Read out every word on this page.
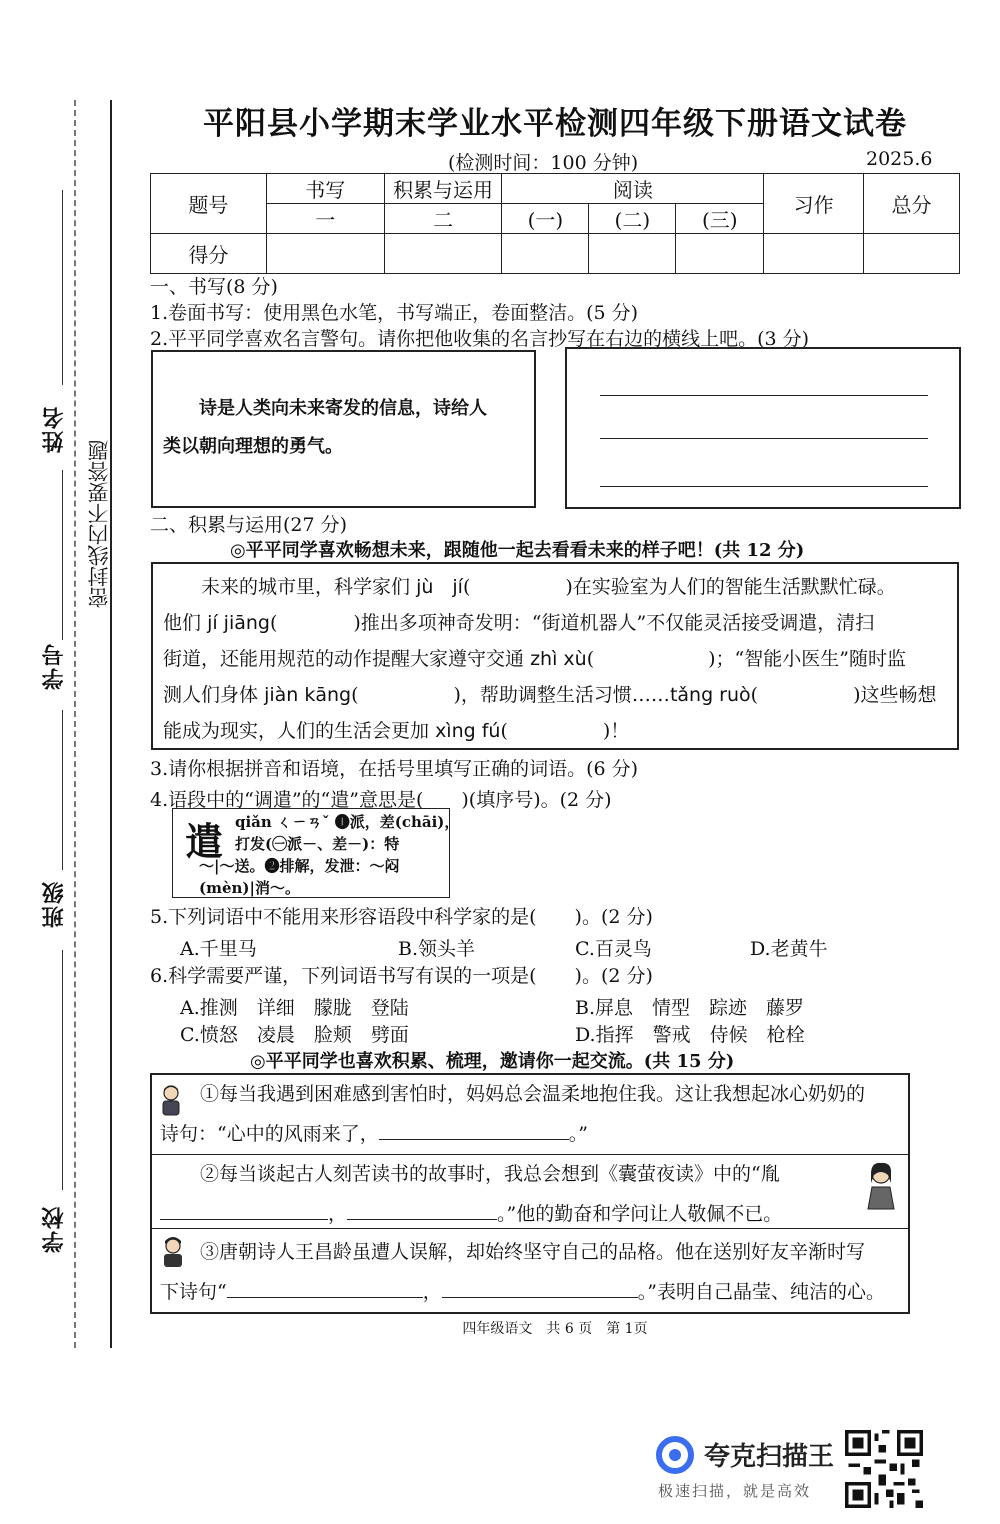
姓名
学号
班级
学校
密封线内不要答题
平阳县小学期末学业水平检测四年级下册语文试卷
(检测时间：100 分钟)	2025.6
题号	书写	积累与运用	阅读			习作	总分
	一	二	(一)	(二)	(三)		
得分							
一、书写(8 分)
1.卷面书写：使用黑色水笔，书写端正，卷面整洁。(5 分)
2.平平同学喜欢名言警句。请你把他收集的名言抄写在右边的横线上吧。(3 分)
诗是人类向未来寄发的信息，诗给人
类以朝向理想的勇气。
二、积累与运用(27 分)
◎平平同学喜欢畅想未来，跟随他一起去看看未来的样子吧！(共 12 分)
未来的城市里，科学家们 jù　jí(　　　　　)在实验室为人们的智能生活默默忙碌。
他们 jí jiāng(　　　　)推出多项神奇发明：“街道机器人”不仅能灵活接受调遣，清扫
街道，还能用规范的动作提醒大家遵守交通 zhì xù(　　　　　　)；“智能小医生”随时监
测人们身体 jiàn kāng(　　　　　)，帮助调整生活习惯……tǎng ruò(　　　　　)这些畅想
能成为现实，人们的生活会更加 xìng fú(　　　　　)！
3.请你根据拼音和语境，在括号里填写正确的词语。(6 分)
4.语段中的“调遣”的“遣”意思是(　　)(填序号)。(2 分)
遣 qiǎn ㄑㄧㄢˇ ❶派，差(chāi)，
打发(㊀派－、差－)：特
～|～送。❷排解，发泄：～闷
(mèn)|消～。
5.下列词语中不能用来形容语段中科学家的是(　　)。(2 分)
A.千里马	B.领头羊	C.百灵鸟	D.老黄牛
6.科学需要严谨，下列词语书写有误的一项是(　　)。(2 分)
A.推测　详细　朦胧　登陆	B.屏息　情型　踪迹　藤罗
C.愤怒　凌晨　脸颊　劈面	D.指挥　警戒　侍候　枪栓
◎平平同学也喜欢积累、梳理，邀请你一起交流。(共 15 分)
①每当我遇到困难感到害怕时，妈妈总会温柔地抱住我。这让我想起冰心奶奶的
诗句：“心中的风雨来了，	。”
②每当谈起古人刻苦读书的故事时，我总会想到《囊萤夜读》中的“胤
，	。”他的勤奋和学问让人敬佩不已。
③唐朝诗人王昌龄虽遭人误解，却始终坚守自己的品格。他在送别好友辛渐时写
下诗句“	，	。”表明自己晶莹、纯洁的心。
四年级语文　共 6 页　第 1页
夸克扫描王
极速扫描，就是高效
